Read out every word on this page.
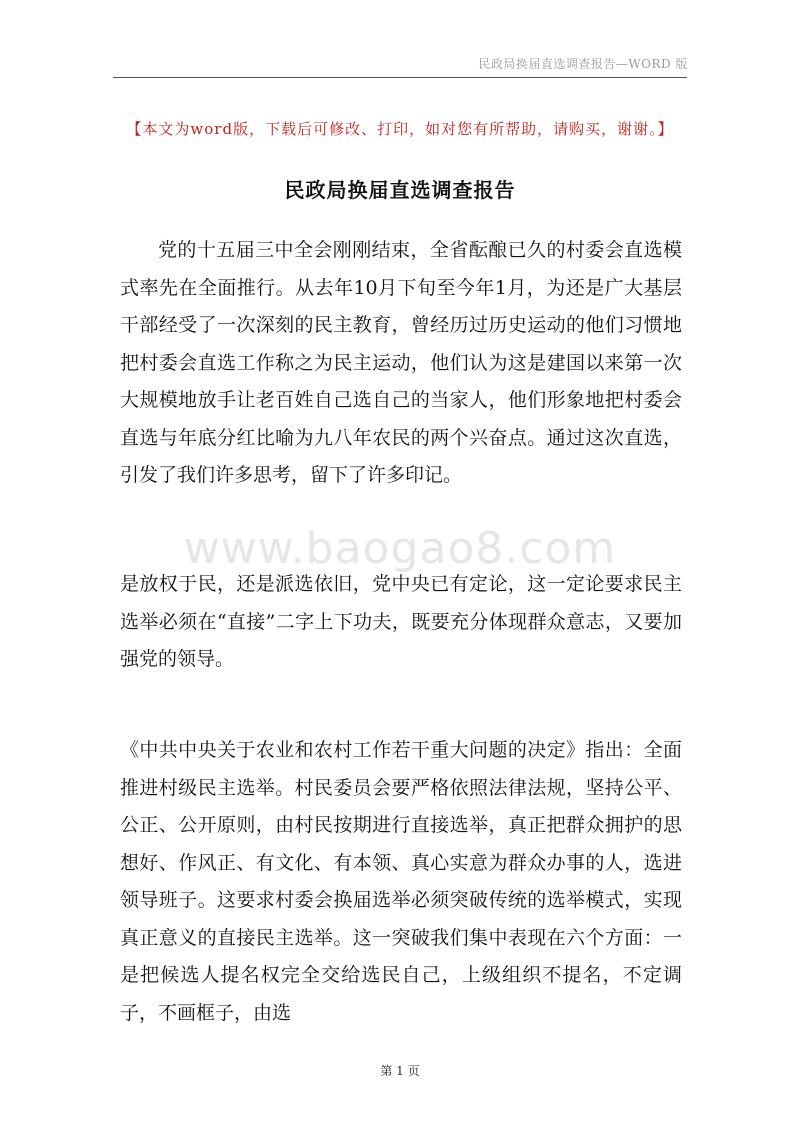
民政局换届直选调查报告—WORD 版
【本文为word版，下载后可修改、打印，如对您有所帮助，请购买，谢谢。】
民政局换届直选调查报告

党的十五届三中全会刚刚结束，全省酝酿已久的村委会直选模式率先在全面推行。从去年10月下旬至今年1月，为还是广大基层干部经受了一次深刻的民主教育，曾经历过历史运动的他们习惯地把村委会直选工作称之为民主运动，他们认为这是建国以来第一次大规模地放手让老百姓自己选自己的当家人，他们形象地把村委会直选与年底分红比喻为九八年农民的两个兴奋点。通过这次直选，引发了我们许多思考，留下了许多印记。

www.baogao8.com

是放权于民，还是派选依旧，党中央已有定论，这一定论要求民主选举必须在“直接”二字上下功夫，既要充分体现群众意志，又要加强党的领导。

《中共中央关于农业和农村工作若干重大问题的决定》指出：全面推进村级民主选举。村民委员会要严格依照法律法规，坚持公平、公正、公开原则，由村民按期进行直接选举，真正把群众拥护的思想好、作风正、有文化、有本领、真心实意为群众办事的人，选进领导班子。这要求村委会换届选举必须突破传统的选举模式，实现真正意义的直接民主选举。这一突破我们集中表现在六个方面：一是把候选人提名权完全交给选民自己，上级组织不提名，不定调子，不画框子，由选

第 1 页
